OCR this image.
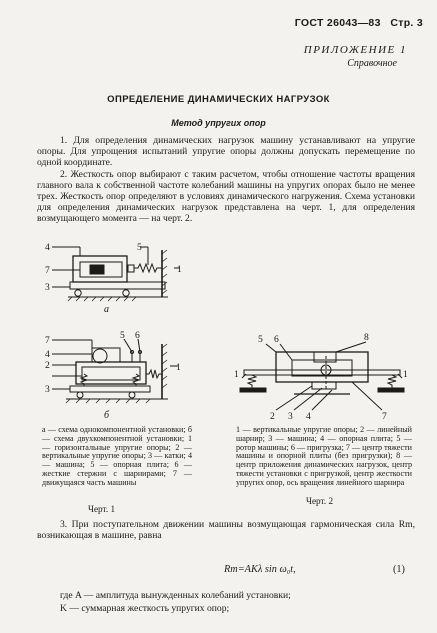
ГОСТ 26043—83 Стр. 3
ПРИЛОЖЕНИЕ 1
Справочное
ОПРЕДЕЛЕНИЕ ДИНАМИЧЕСКИХ НАГРУЗОК
Метод упругих опор
1. Для определения динамических нагрузок машину устанавливают на упругие опоры. Для упрощения испытаний упругие опоры должны допускать перемещение по одной координате.
2. Жесткость опор выбирают с таким расчетом, чтобы отношение частоты вращения главного вала к собственной частоте колебаний машины на упругих опорах было не менее трех. Жесткость опор определяют в условиях динамического нагружения. Схема установки для определения динамических нагрузок представлена на черт. 1, для определения возмущающего момента — на черт. 2.
4	5
1
7
3
а
7
4
2
5 6
1
3
б
5 6	8
1	1
2 3 4	7
а — схема однокомпонентной установки; б — схема двухкомпонентной установки; 1 — горизонтальные упругие опоры; 2 — вертикальные упругие опоры; 3 — катки; 4 — машина; 5 — опорная плита; 6 — жесткие стержни с шарнирами; 7 — движущаяся часть машины
1 — вертикальные упругие опоры; 2 — линейный шарнир; 3 — машина; 4 — опорная плита; 5 — ротор машины; 6 — пригрузка; 7 — центр тяжести машины и опорной плиты (без пригрузки); 8 — центр приложения динамических нагрузок, центр тяжести установки с пригрузкой, центр жесткости упругих опор, ось вращения линейного шарнира
Черт. 1
Черт. 2
3. При поступательном движении машины возмущающая гармоническая сила Rm, возникающая в машине, равна
Rm=AKλ sin ω₀t,	(1)
где A — амплитуда вынужденных колебаний установки;
K — суммарная жесткость упругих опор;
